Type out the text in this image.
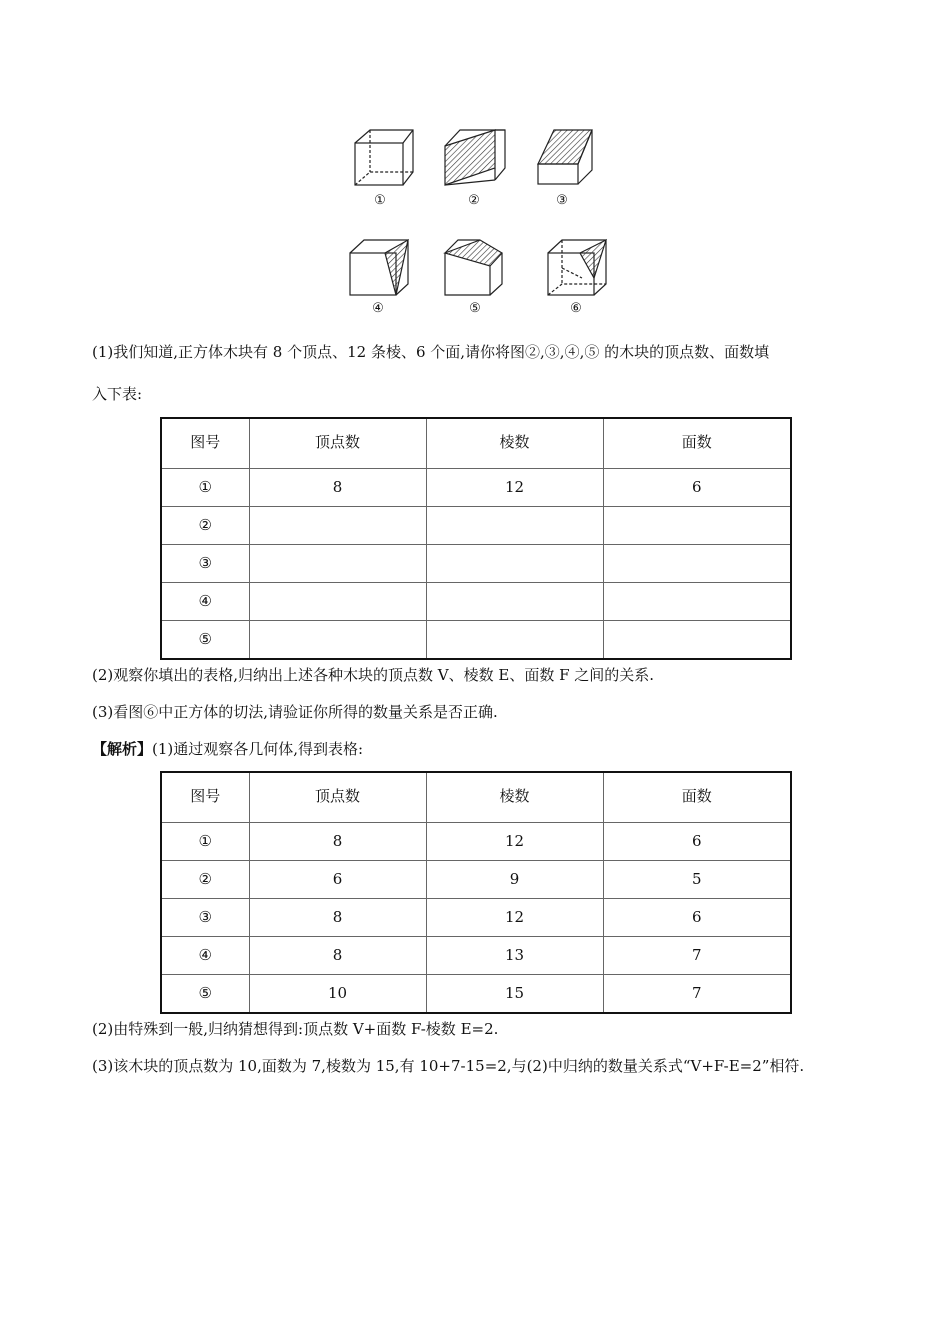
①	②	③
④	⑤	⑥
(1)我们知道,正方体木块有 8 个顶点、12 条棱、6 个面,请你将图②,③,④,⑤ 的木块的顶点数、面数填
入下表:
图号	顶点数	棱数	面数
①	8	12	6
②			
③			
④			
⑤			
(2)观察你填出的表格,归纳出上述各种木块的顶点数 V、棱数 E、面数 F 之间的关系.
(3)看图⑥中正方体的切法,请验证你所得的数量关系是否正确.
【解析】(1)通过观察各几何体,得到表格:
图号	顶点数	棱数	面数
①	8	12	6
②	6	9	5
③	8	12	6
④	8	13	7
⑤	10	15	7
(2)由特殊到一般,归纳猜想得到:顶点数 V+面数 F-棱数 E=2.
(3)该木块的顶点数为 10,面数为 7,棱数为 15,有 10+7-15=2,与(2)中归纳的数量关系式“V+F-E=2”相符.
